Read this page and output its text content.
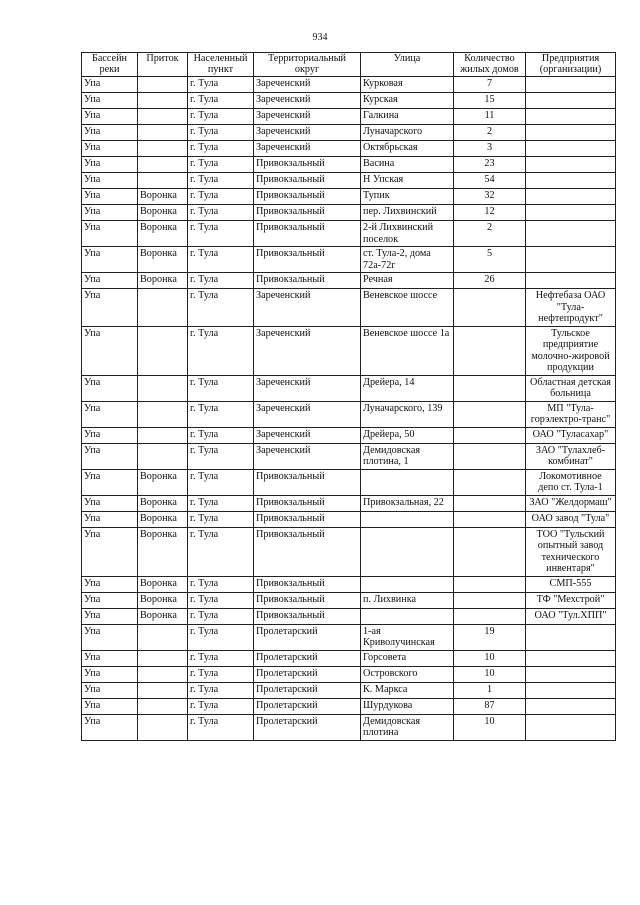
934
Бассейн реки	Приток	Населенный пункт	Территориальный округ	Улица	Количество жилых домов	Предприятия (организации)
Упа		г. Тула	Зареченский	Курковая	7	
Упа		г. Тула	Зареченский	Курская	15	
Упа		г. Тула	Зареченский	Галкина	11	
Упа		г. Тула	Зареченский	Луначарского	2	
Упа		г. Тула	Зареченский	Октябрьская	3	
Упа		г. Тула	Привокзальный	Васина	23	
Упа		г. Тула	Привокзальный	Н Упская	54	
Упа	Воронка	г. Тула	Привокзальный	Тупик	32	
Упа	Воронка	г. Тула	Привокзальный	пер. Лихвинский	12	
Упа	Воронка	г. Тула	Привокзальный	2-й Лихвинский поселок	2	
Упа	Воронка	г. Тула	Привокзальный	ст. Тула-2, дома 72а-72г	5	
Упа	Воронка	г. Тула	Привокзальный	Речная	26	
Упа		г. Тула	Зареченский	Веневское шоссе		Нефтебаза ОАО "Тула-нефтепродукт"
Упа		г. Тула	Зареченский	Веневское шоссе 1а		Тульское предприятие молочно-жировой продукции
Упа		г. Тула	Зареченский	Дрейера, 14		Областная детская больница
Упа		г. Тула	Зареченский	Луначарского, 139		МП "Тула-горэлектро-транс"
Упа		г. Тула	Зареченский	Дрейера, 50		ОАО "Туласахар"
Упа		г. Тула	Зареченский	Демидовская плотина, 1		ЗАО "Тулахлеб-комбинат"
Упа	Воронка	г. Тула	Привокзальный			Локомотивное депо ст. Тула-1
Упа	Воронка	г. Тула	Привокзальный	Привокзальная, 22		ЗАО "Желдормаш"
Упа	Воронка	г. Тула	Привокзальный			ОАО завод "Тула"
Упа	Воронка	г. Тула	Привокзальный			ТОО "Тульский опытный завод технического инвентаря"
Упа	Воронка	г. Тула	Привокзальный			СМП-555
Упа	Воронка	г. Тула	Привокзальный	п. Лихвинка		ТФ "Мехстрой"
Упа	Воронка	г. Тула	Привокзальный			ОАО "Тул.ХПП"
Упа		г. Тула	Пролетарский	1-ая Криволучинская	19	
Упа		г. Тула	Пролетарский	Горсовета	10	
Упа		г. Тула	Пролетарский	Островского	10	
Упа		г. Тула	Пролетарский	К. Маркса	1	
Упа		г. Тула	Пролетарский	Шурдукова	87	
Упа		г. Тула	Пролетарский	Демидовская плотина	10	
